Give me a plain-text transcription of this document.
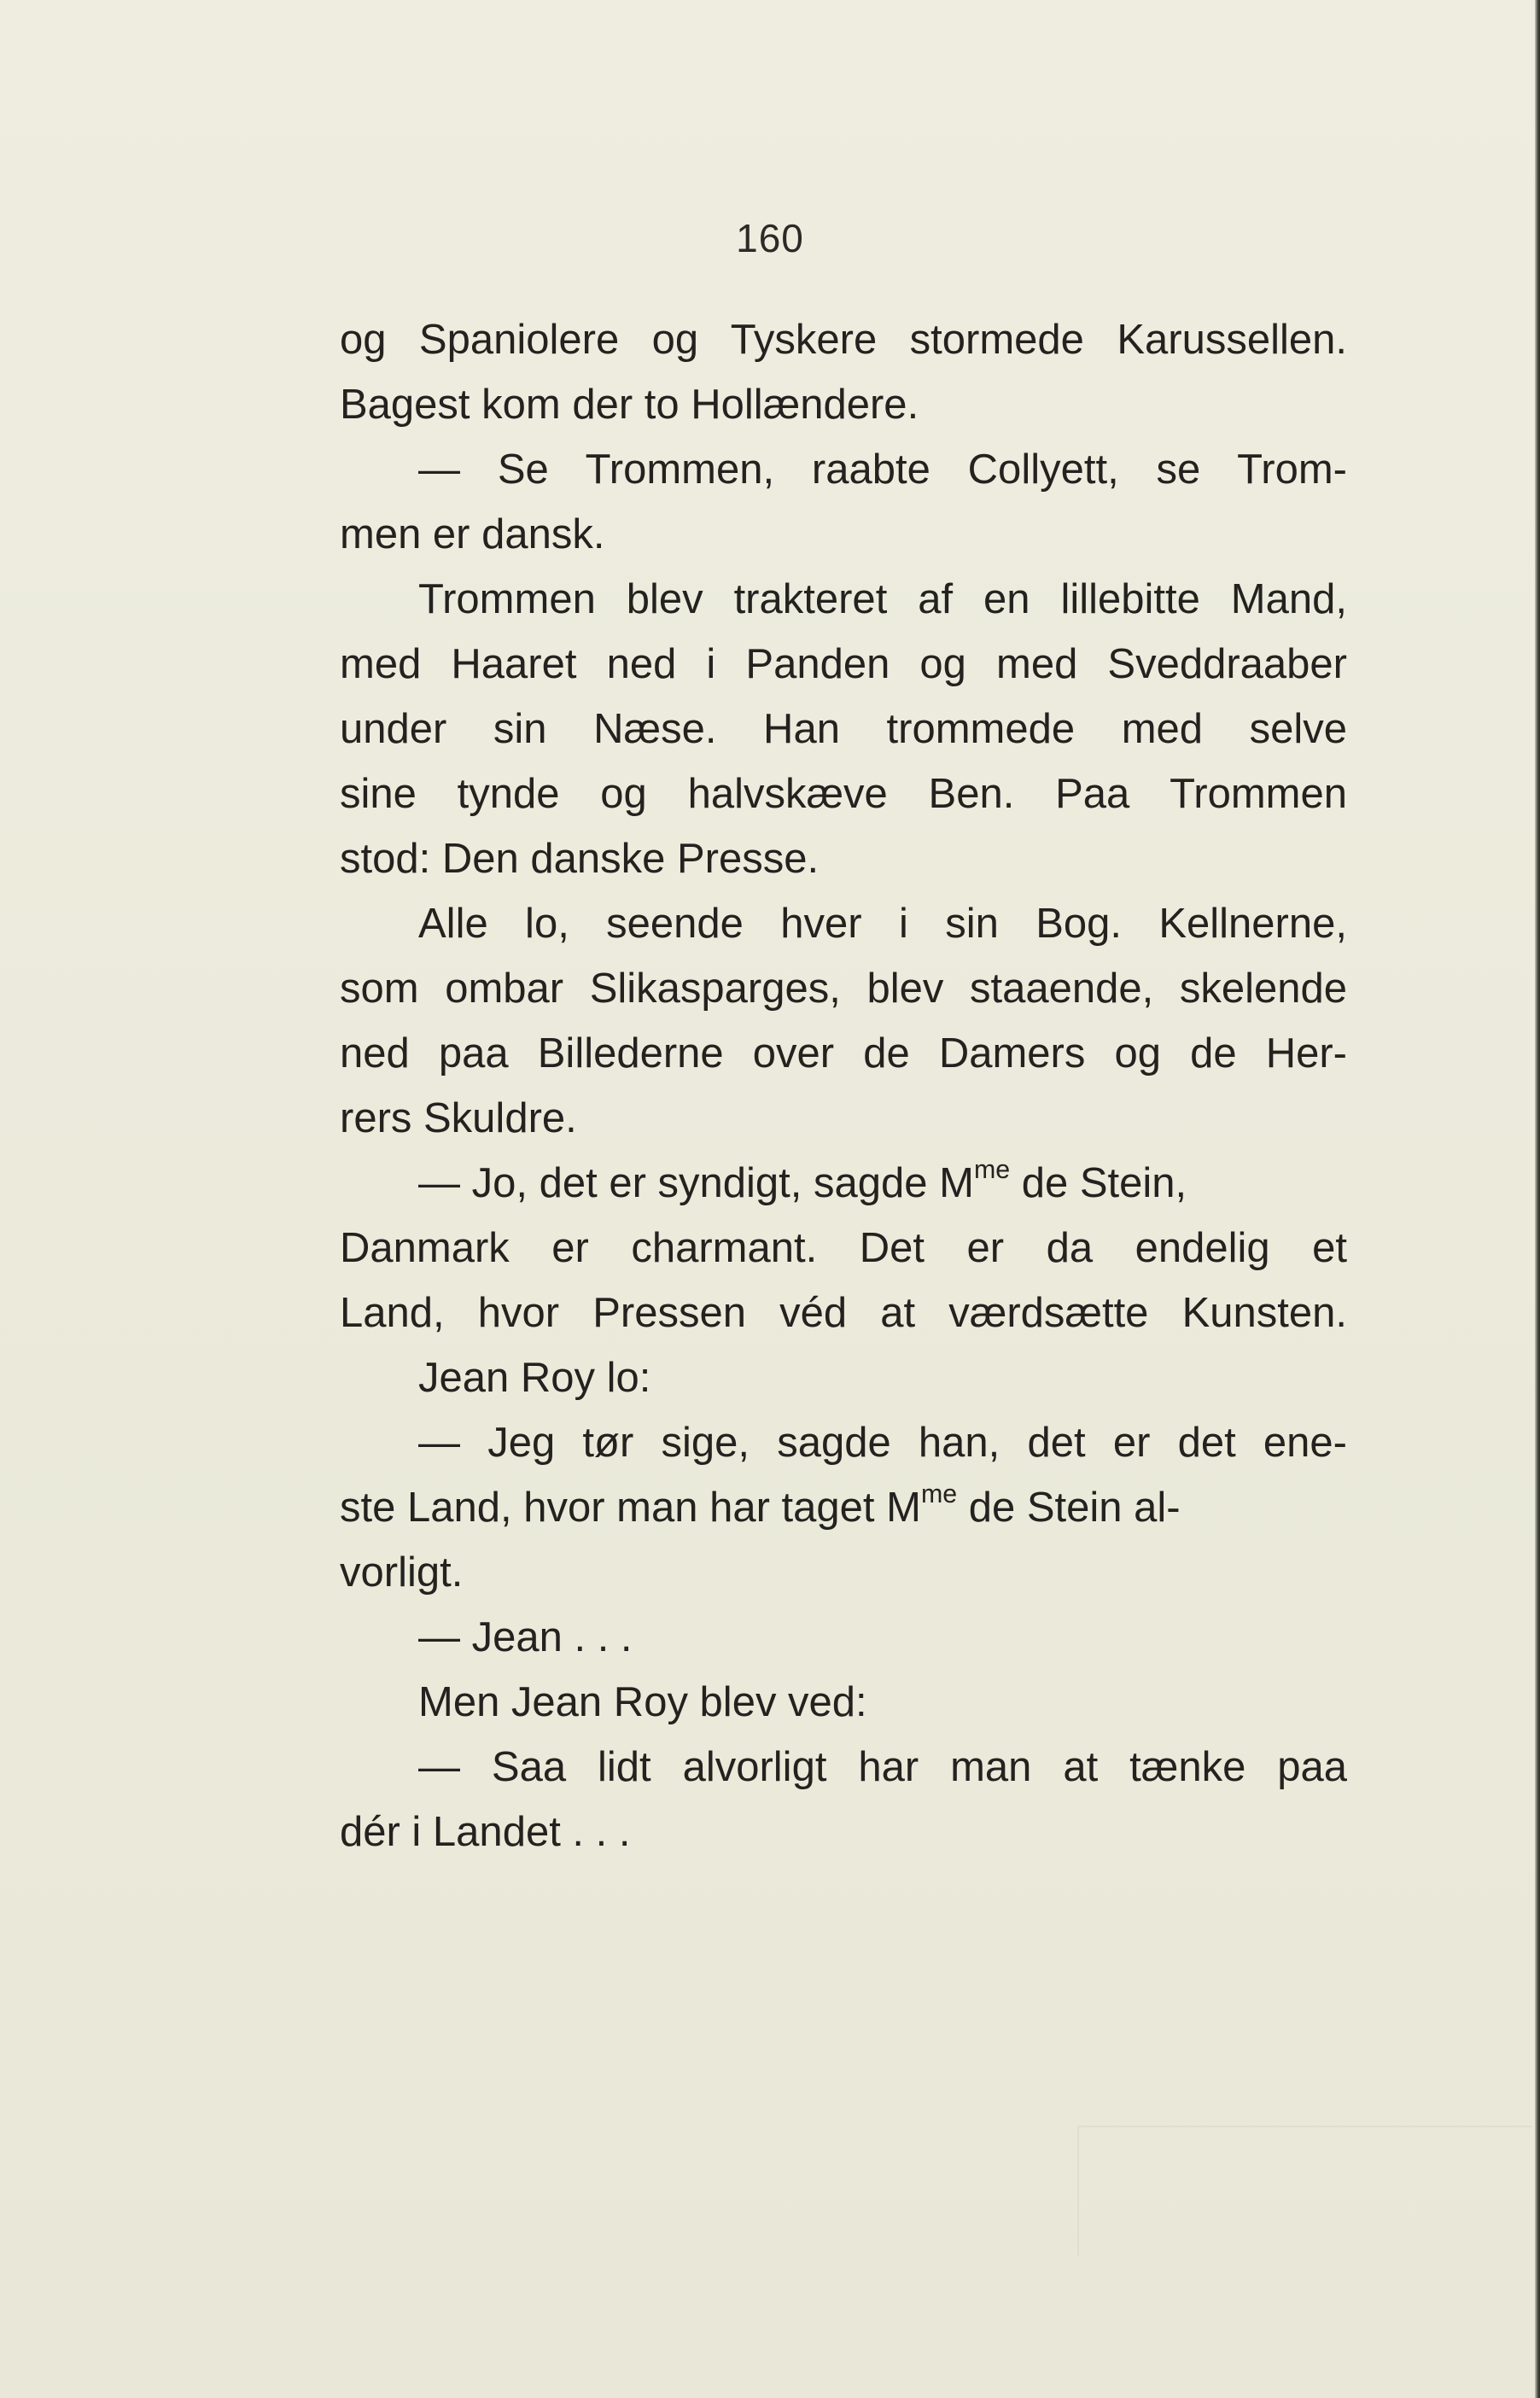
160
og Spaniolere og Tyskere stormede Karussellen.
Bagest kom der to Hollændere.
— Se Trommen, raabte Collyett, se Trom-
men er dansk.
Trommen blev trakteret af en lillebitte Mand,
med Haaret ned i Panden og med Sveddraaber
under sin Næse. Han trommede med selve
sine tynde og halvskæve Ben. Paa Trommen
stod: Den danske Presse.
Alle lo, seende hver i sin Bog. Kellnerne,
som ombar Slikasparges, blev staaende, skelende
ned paa Billederne over de Damers og de Her-
rers Skuldre.
— Jo, det er syndigt, sagde $M^{me}$ de Stein,
Danmark er charmant. Det er da endelig et
Land, hvor Pressen véd at værdsætte Kunsten.
Jean Roy lo:
— Jeg tør sige, sagde han, det er det ene-
ste Land, hvor man har taget $M^{me}$ de Stein al-
vorligt.
— Jean . . .
Men Jean Roy blev ved:
— Saa lidt alvorligt har man at tænke paa
dér i Landet . . .
